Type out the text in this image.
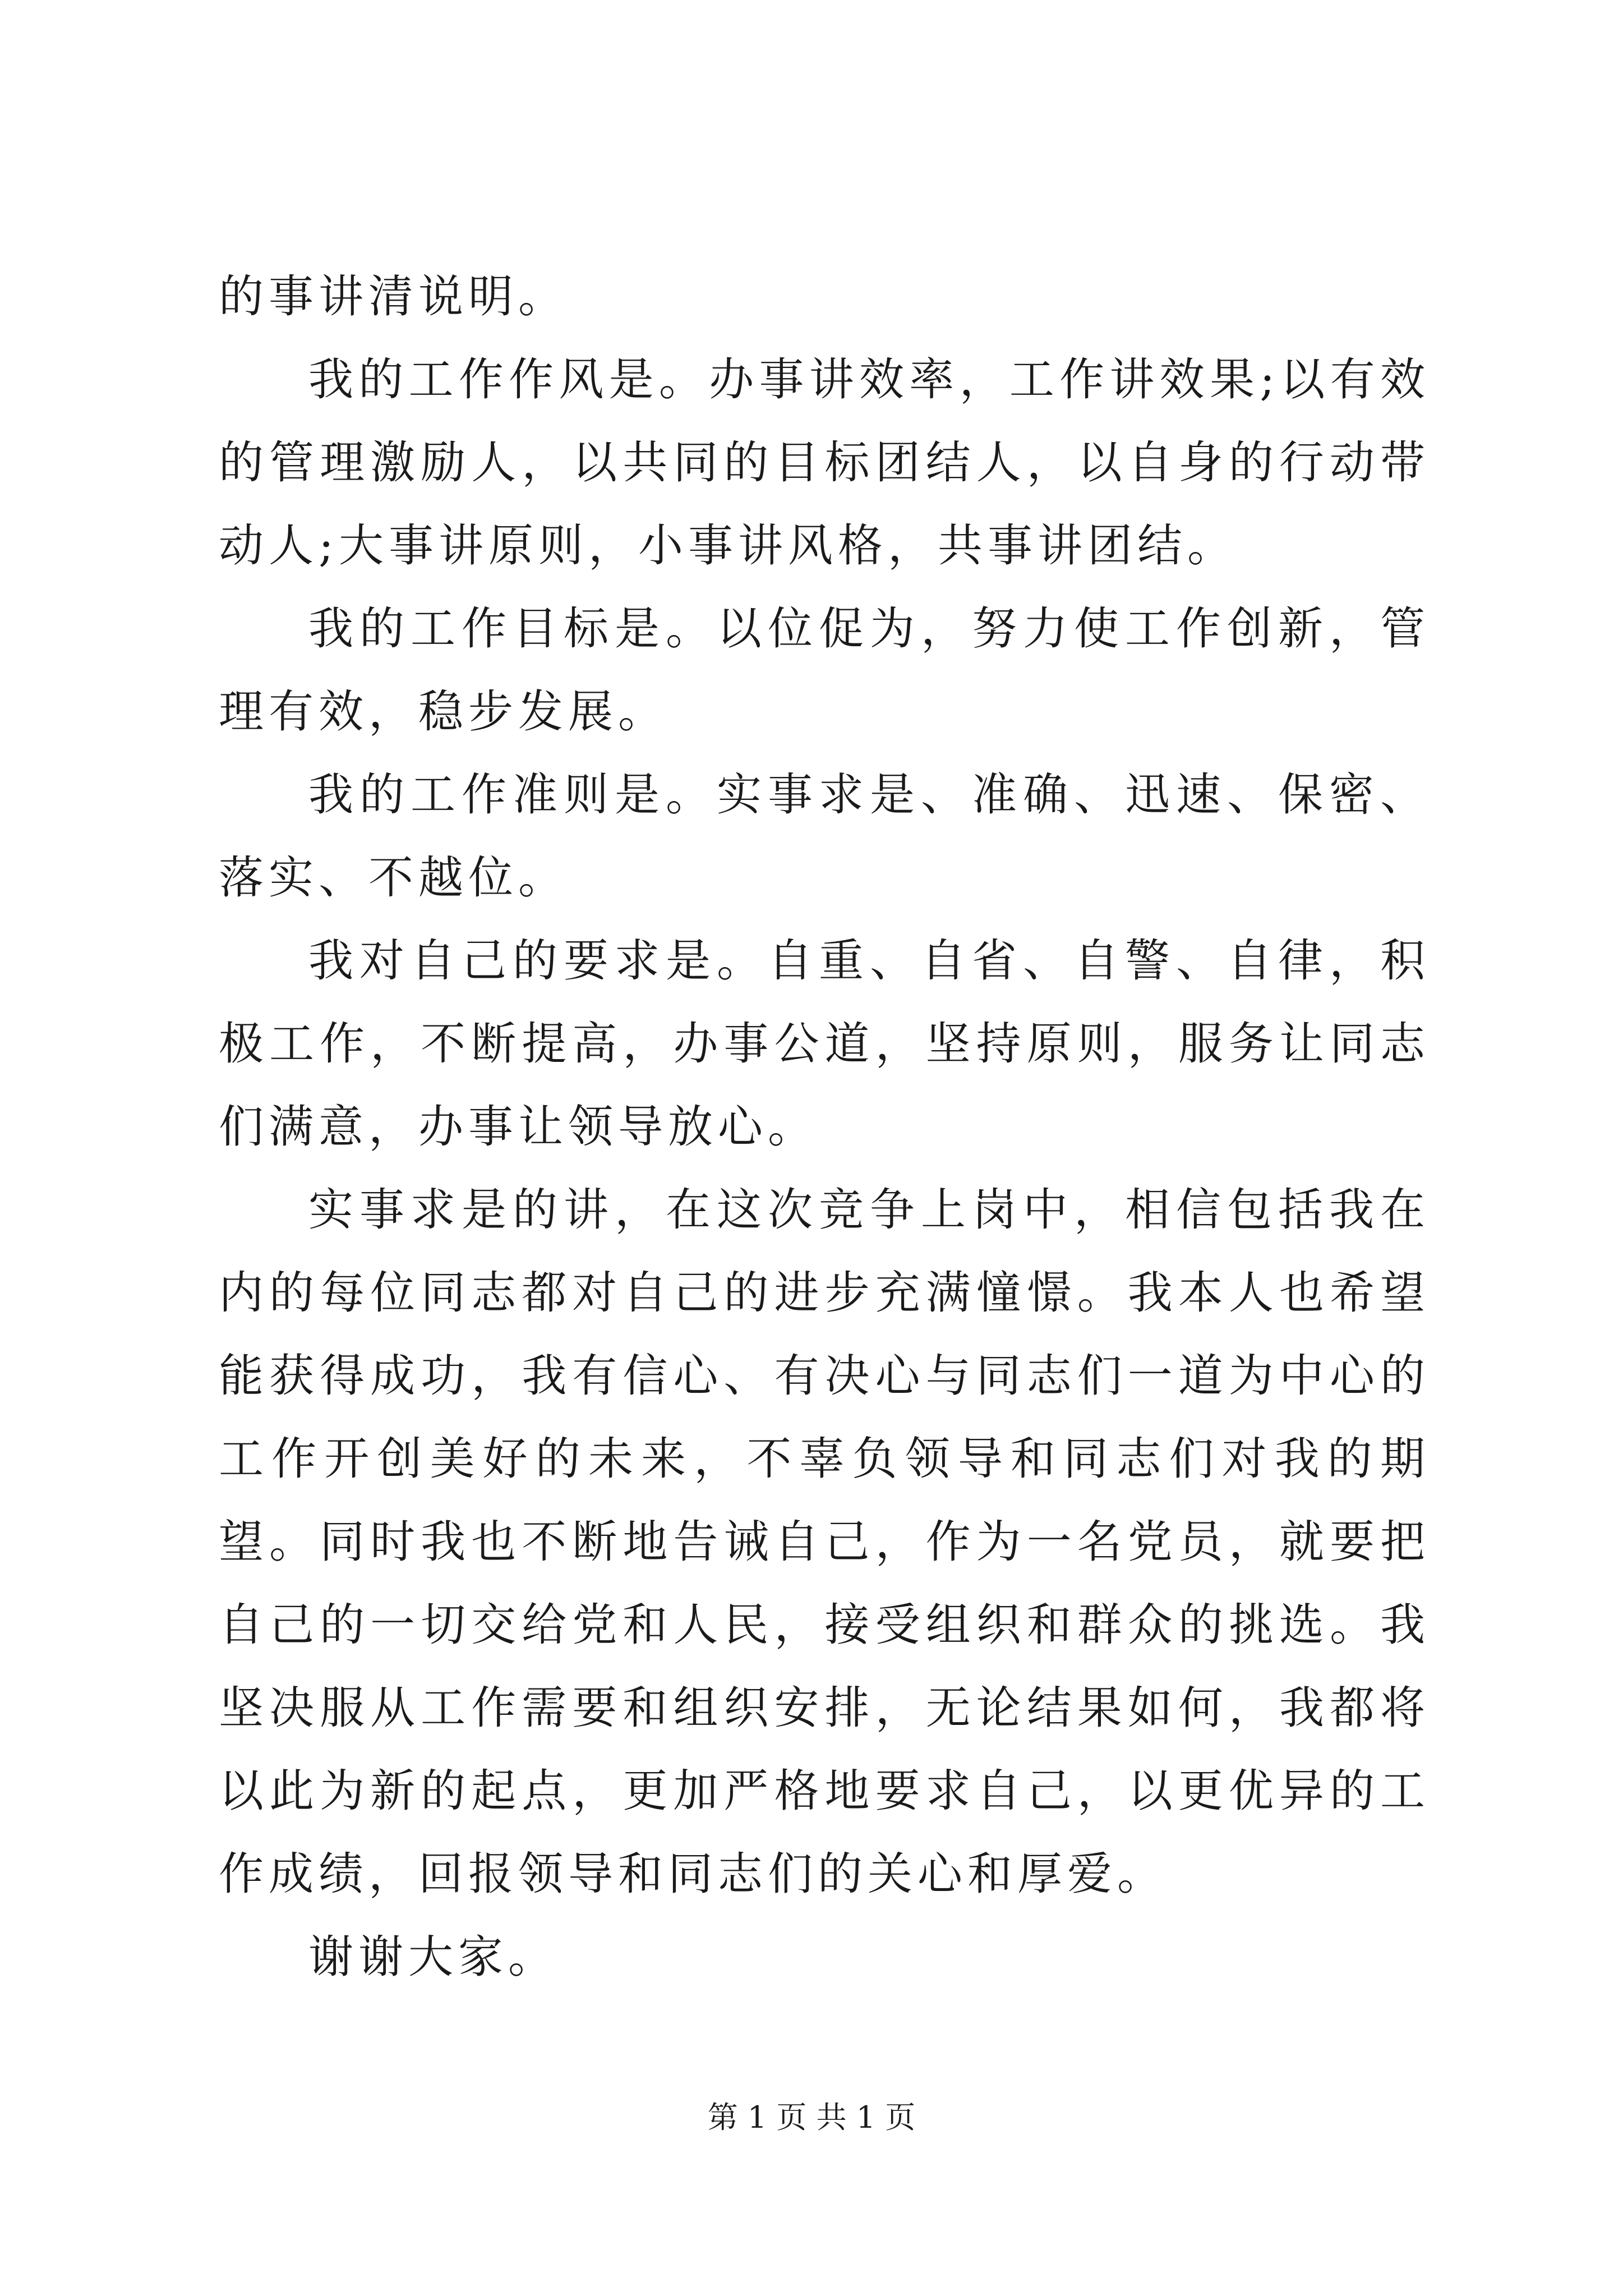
的事讲清说明。

我的工作作风是。办事讲效率，工作讲效果;以有效的管理激励人，以共同的目标团结人，以自身的行动带动人;大事讲原则，小事讲风格，共事讲团结。

我的工作目标是。以位促为，努力使工作创新，管理有效，稳步发展。

我的工作准则是。实事求是、准确、迅速、保密、落实、不越位。

我对自己的要求是。自重、自省、自警、自律，积极工作，不断提高，办事公道，坚持原则，服务让同志们满意，办事让领导放心。

实事求是的讲，在这次竞争上岗中，相信包括我在内的每位同志都对自己的进步充满憧憬。我本人也希望能获得成功，我有信心、有决心与同志们一道为中心的工作开创美好的未来，不辜负领导和同志们对我的期望。同时我也不断地告诫自己，作为一名党员，就要把自己的一切交给党和人民，接受组织和群众的挑选。我坚决服从工作需要和组织安排，无论结果如何，我都将以此为新的起点，更加严格地要求自己，以更优异的工作成绩，回报领导和同志们的关心和厚爱。

谢谢大家。

第 1 页 共 1 页
